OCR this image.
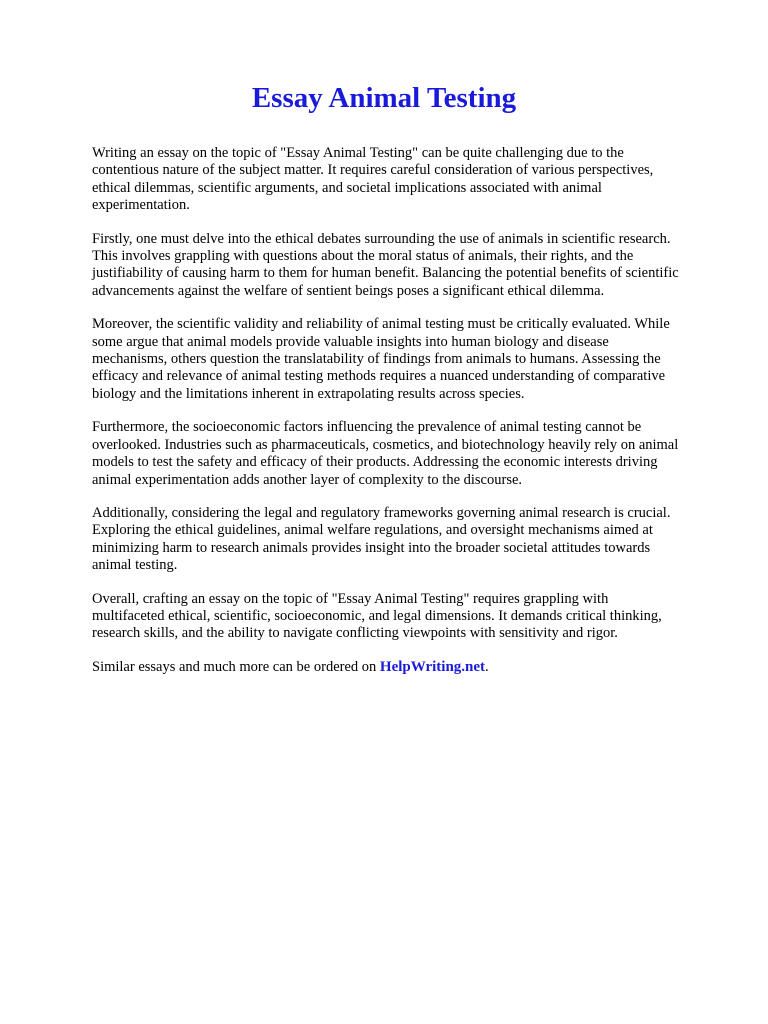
Essay Animal Testing

Writing an essay on the topic of "Essay Animal Testing" can be quite challenging due to the
contentious nature of the subject matter. It requires careful consideration of various perspectives,
ethical dilemmas, scientific arguments, and societal implications associated with animal
experimentation.

Firstly, one must delve into the ethical debates surrounding the use of animals in scientific research.
This involves grappling with questions about the moral status of animals, their rights, and the
justifiability of causing harm to them for human benefit. Balancing the potential benefits of scientific
advancements against the welfare of sentient beings poses a significant ethical dilemma.

Moreover, the scientific validity and reliability of animal testing must be critically evaluated. While
some argue that animal models provide valuable insights into human biology and disease
mechanisms, others question the translatability of findings from animals to humans. Assessing the
efficacy and relevance of animal testing methods requires a nuanced understanding of comparative
biology and the limitations inherent in extrapolating results across species.

Furthermore, the socioeconomic factors influencing the prevalence of animal testing cannot be
overlooked. Industries such as pharmaceuticals, cosmetics, and biotechnology heavily rely on animal
models to test the safety and efficacy of their products. Addressing the economic interests driving
animal experimentation adds another layer of complexity to the discourse.

Additionally, considering the legal and regulatory frameworks governing animal research is crucial.
Exploring the ethical guidelines, animal welfare regulations, and oversight mechanisms aimed at
minimizing harm to research animals provides insight into the broader societal attitudes towards
animal testing.

Overall, crafting an essay on the topic of "Essay Animal Testing" requires grappling with
multifaceted ethical, scientific, socioeconomic, and legal dimensions. It demands critical thinking,
research skills, and the ability to navigate conflicting viewpoints with sensitivity and rigor.

Similar essays and much more can be ordered on HelpWriting.net.
